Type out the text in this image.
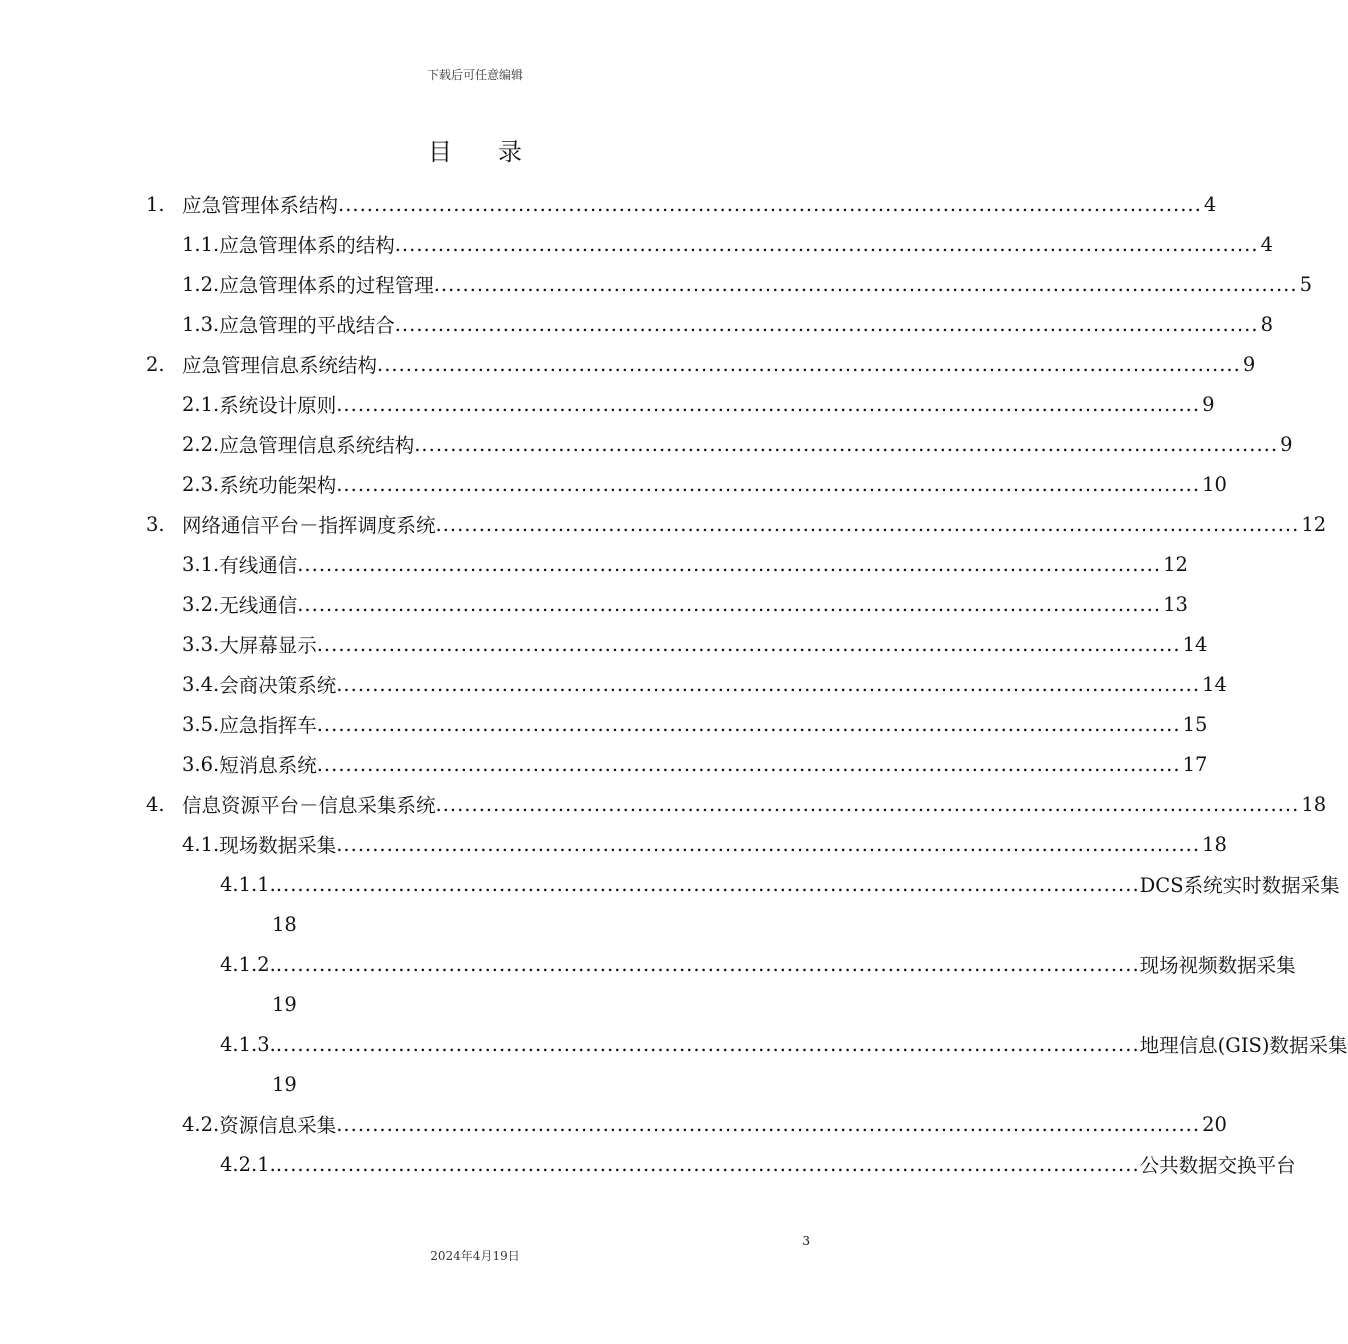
下载后可任意编辑
目录
1. 应急管理体系结构 ........................................................................................................................ 4
1.1. 应急管理体系的结构 ........................................................................................................................ 4
1.2. 应急管理体系的过程管理 ........................................................................................................................ 5
1.3. 应急管理的平战结合 ........................................................................................................................ 8
2. 应急管理信息系统结构 ........................................................................................................................ 9
2.1. 系统设计原则 ........................................................................................................................ 9
2.2. 应急管理信息系统结构 ........................................................................................................................ 9
2.3. 系统功能架构 ........................................................................................................................ 10
3. 网络通信平台－指挥调度系统 ........................................................................................................................ 12
3.1. 有线通信 ........................................................................................................................ 12
3.2. 无线通信 ........................................................................................................................ 13
3.3. 大屏幕显示 ........................................................................................................................ 14
3.4. 会商决策系统 ........................................................................................................................ 14
3.5. 应急指挥车 ........................................................................................................................ 15
3.6. 短消息系统 ........................................................................................................................ 17
4. 信息资源平台－信息采集系统 ........................................................................................................................ 18
4.1. 现场数据采集 ........................................................................................................................ 18
4.1.1. ........................................................................................................................ DCS系统实时数据采集
18
4.1.2. ........................................................................................................................ 现场视频数据采集
19
4.1.3. ........................................................................................................................ 地理信息(GIS)数据采集
19
4.2. 资源信息采集 ........................................................................................................................ 20
4.2.1. ........................................................................................................................ 公共数据交换平台
3
2024年4月19日
